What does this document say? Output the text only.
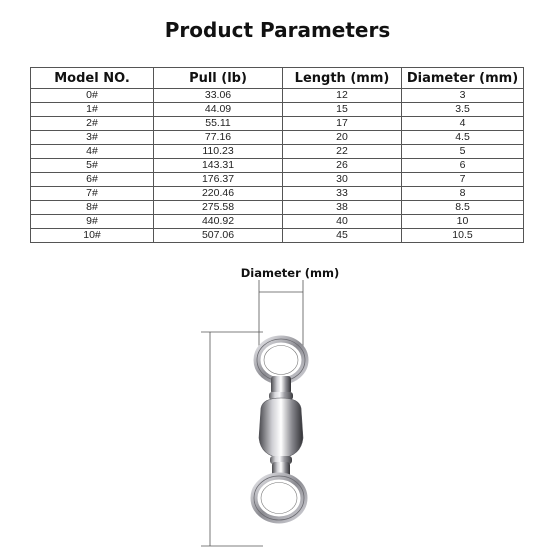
Product Parameters
Model NO.	Pull (lb)	Length (mm)	Diameter (mm)
0#	33.06	12	3
1#	44.09	15	3.5
2#	55.11	17	4
3#	77.16	20	4.5
4#	110.23	22	5
5#	143.31	26	6
6#	176.37	30	7
7#	220.46	33	8
8#	275.58	38	8.5
9#	440.92	40	10
10#	507.06	45	10.5
Diameter (mm)
